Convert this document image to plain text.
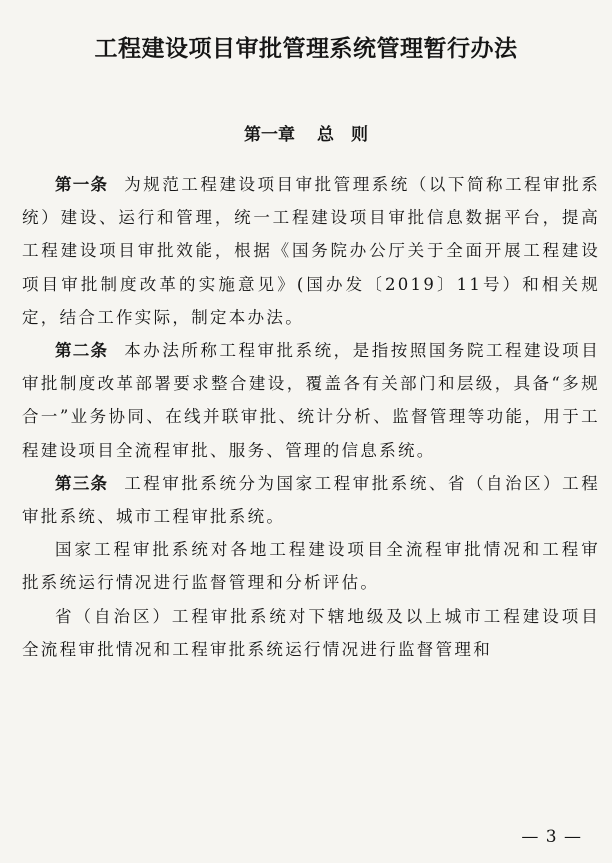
工程建设项目审批管理系统管理暂行办法
第一章 总　则

第一条 为规范工程建设项目审批管理系统（以下简称工程审批系统）建设、运行和管理，统一工程建设项目审批信息数据平台，提高工程建设项目审批效能，根据《国务院办公厅关于全面开展工程建设项目审批制度改革的实施意见》(国办发〔2019〕11号）和相关规定，结合工作实际，制定本办法。

第二条 本办法所称工程审批系统，是指按照国务院工程建设项目审批制度改革部署要求整合建设，覆盖各有关部门和层级，具备“多规合一”业务协同、在线并联审批、统计分析、监督管理等功能，用于工程建设项目全流程审批、服务、管理的信息系统。

第三条 工程审批系统分为国家工程审批系统、省（自治区）工程审批系统、城市工程审批系统。

国家工程审批系统对各地工程建设项目全流程审批情况和工程审批系统运行情况进行监督管理和分析评估。

省（自治区）工程审批系统对下辖地级及以上城市工程建设项目全流程审批情况和工程审批系统运行情况进行监督管理和

— 3 —
